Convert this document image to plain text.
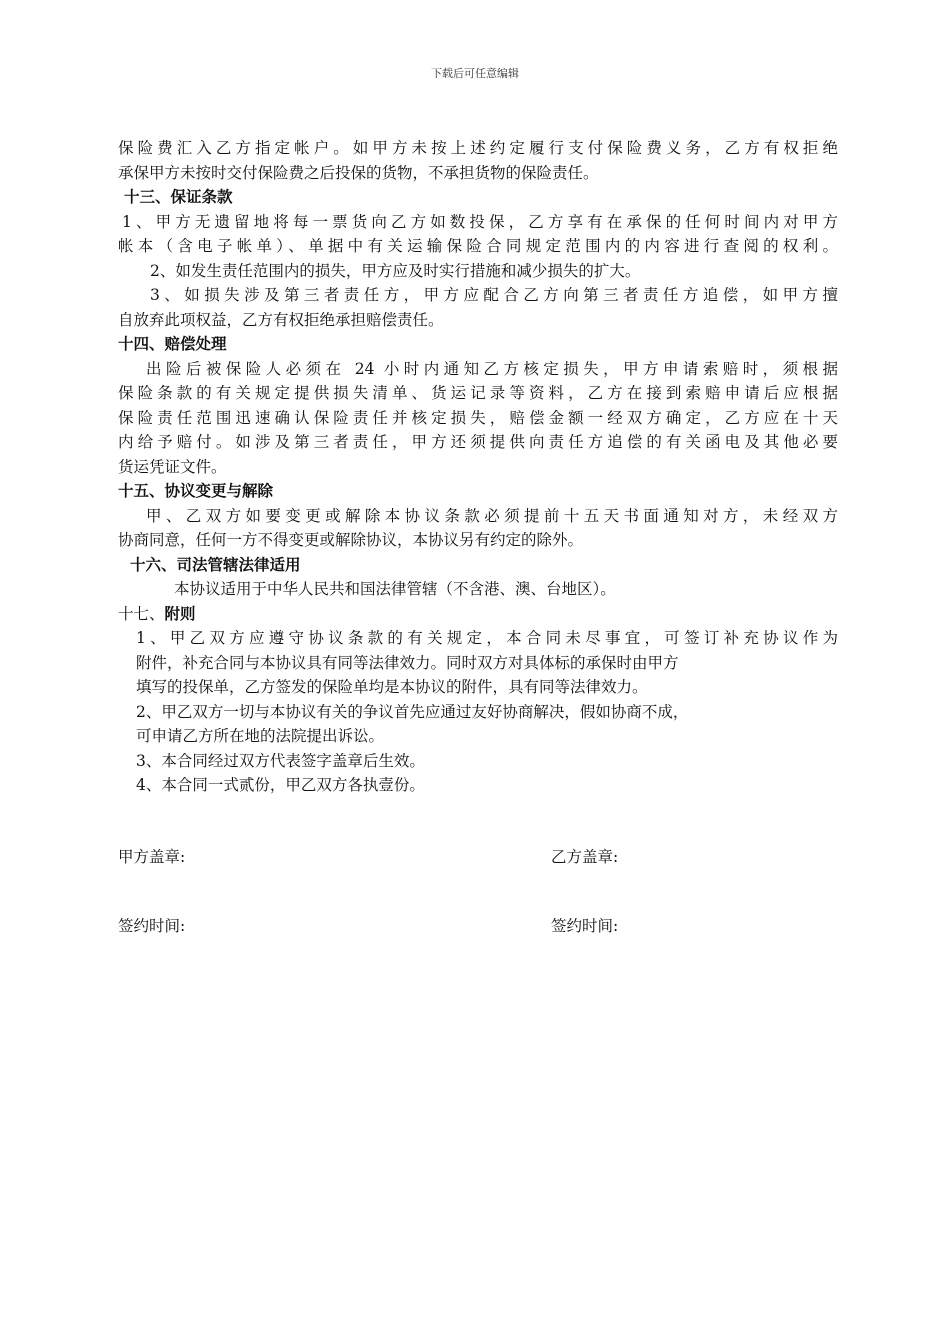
下载后可任意编辑
保险费汇入乙方指定帐户。如甲方未按上述约定履行支付保险费义务，乙方有权拒绝
承保甲方未按时交付保险费之后投保的货物，不承担货物的保险责任。
十三、保证条款
1、甲方无遗留地将每一票货向乙方如数投保，乙方享有在承保的任何时间内对甲方
帐本（含电子帐单）、单据中有关运输保险合同规定范围内的内容进行查阅的权利。
2、如发生责任范围内的损失，甲方应及时实行措施和减少损失的扩大。
3、如损失涉及第三者责任方，甲方应配合乙方向第三者责任方追偿，如甲方擅
自放弃此项权益，乙方有权拒绝承担赔偿责任。
十四、赔偿处理
出险后被保险人必须在 24 小时内通知乙方核定损失，甲方申请索赔时，须根据
保险条款的有关规定提供损失清单、货运记录等资料，乙方在接到索赔申请后应根据
保险责任范围迅速确认保险责任并核定损失，赔偿金额一经双方确定，乙方应在十天
内给予赔付。如涉及第三者责任，甲方还须提供向责任方追偿的有关函电及其他必要
货运凭证文件。
十五、协议变更与解除
甲、乙双方如要变更或解除本协议条款必须提前十五天书面通知对方，未经双方
协商同意，任何一方不得变更或解除协议，本协议另有约定的除外。
十六、司法管辖法律适用
本协议适用于中华人民共和国法律管辖（不含港、澳、台地区）。
十七、附则
1、甲乙双方应遵守协议条款的有关规定，本合同未尽事宜，可签订补充协议作为
附件，补充合同与本协议具有同等法律效力。同时双方对具体标的承保时由甲方
填写的投保单，乙方签发的保险单均是本协议的附件，具有同等法律效力。
2、甲乙双方一切与本协议有关的争议首先应通过友好协商解决，假如协商不成，
可申请乙方所在地的法院提出诉讼。
3、本合同经过双方代表签字盖章后生效。
4、本合同一式贰份，甲乙双方各执壹份。
甲方盖章:	乙方盖章:
签约时间:	签约时间:
